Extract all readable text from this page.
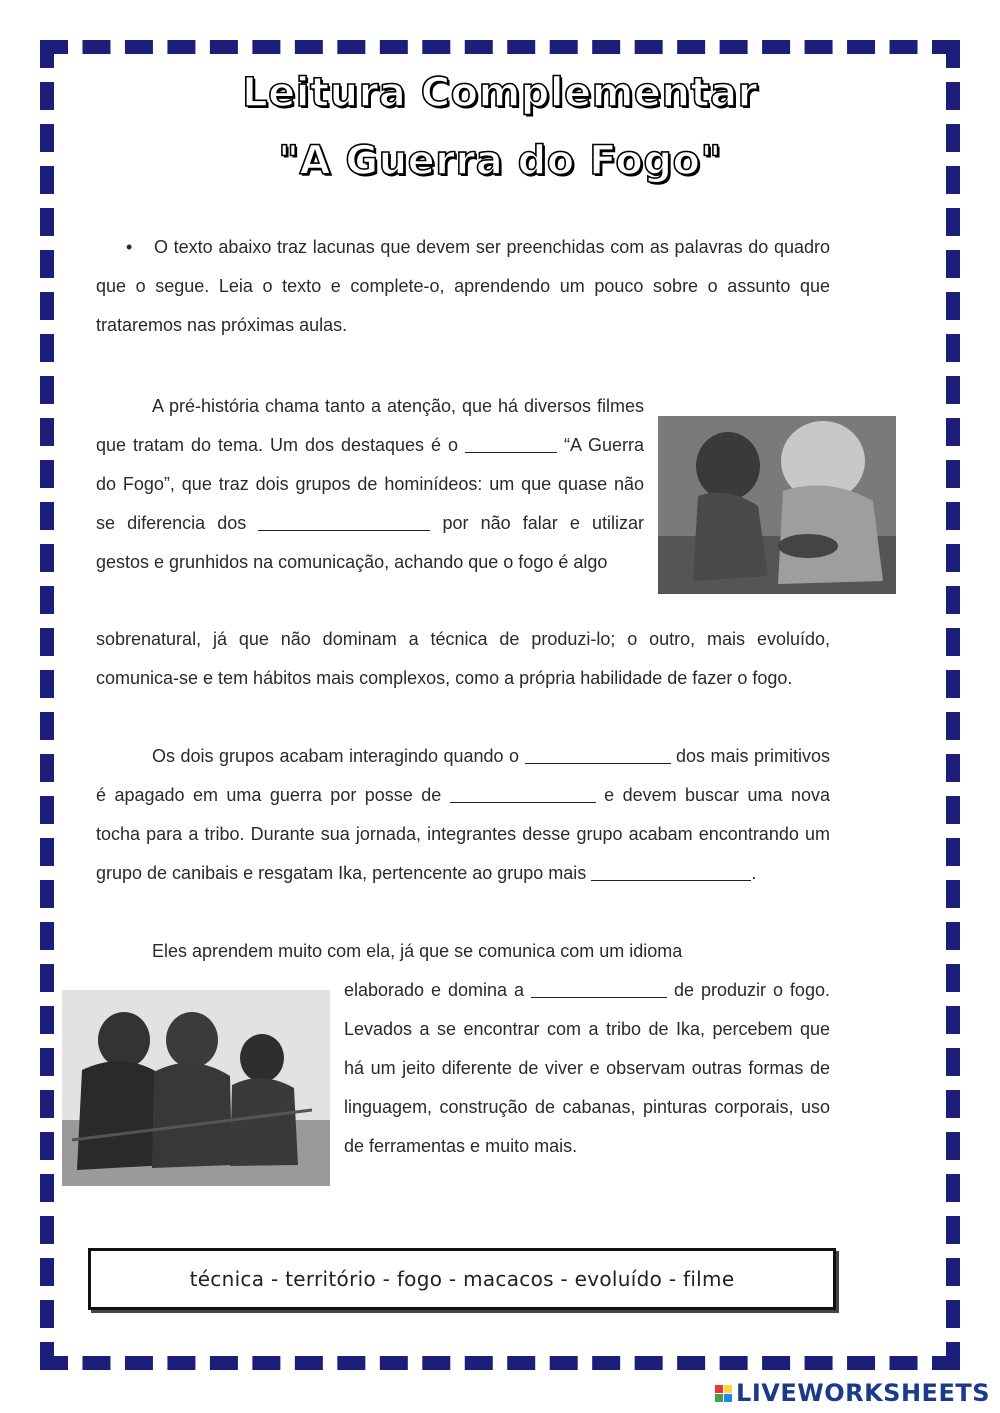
Leitura Complementar
"A Guerra do Fogo"
• O texto abaixo traz lacunas que devem ser preenchidas com as palavras do quadro que o segue. Leia o texto e complete-o, aprendendo um pouco sobre o assunto que trataremos nas próximas aulas.
A pré-história chama tanto a atenção, que há diversos filmes que tratam do tema. Um dos destaques é o	“A Guerra do Fogo”, que traz dois grupos de hominídeos: um que quase não se diferencia dos	por não falar e utilizar gestos e grunhidos na comunicação, achando que o fogo é algo
sobrenatural, já que não dominam a técnica de produzi-lo; o outro, mais evoluído, comunica-se e tem hábitos mais complexos, como a própria habilidade de fazer o fogo.
Os dois grupos acabam interagindo quando o	dos mais primitivos é apagado em uma guerra por posse de	e devem buscar uma nova tocha para a tribo. Durante sua jornada, integrantes desse grupo acabam encontrando um grupo de canibais e resgatam Ika, pertencente ao grupo mais	.
Eles aprendem muito com ela, já que se comunica com um idioma
elaborado e domina a	de produzir o fogo. Levados a se encontrar com a tribo de Ika, percebem que há um jeito diferente de viver e observam outras formas de linguagem, construção de cabanas, pinturas corporais, uso de ferramentas e muito mais.
técnica - território - fogo - macacos - evoluído - filme
LIVEWORKSHEETS
